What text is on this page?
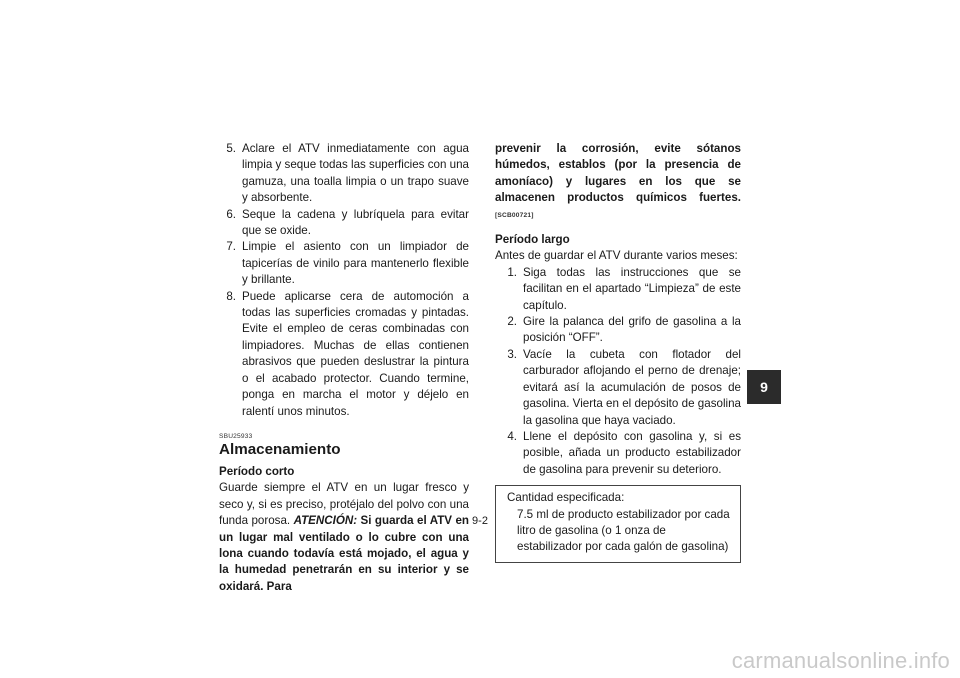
5. Aclare el ATV inmediatamente con agua limpia y seque todas las superficies con una gamuza, una toalla limpia o un trapo suave y absorbente.
6. Seque la cadena y lubríquela para evitar que se oxide.
7. Limpie el asiento con un limpiador de tapicerías de vinilo para mantenerlo flexible y brillante.
8. Puede aplicarse cera de automoción a todas las superficies cromadas y pintadas. Evite el empleo de ceras combinadas con limpiadores. Muchas de ellas contienen abrasivos que pueden deslustrar la pintura o el acabado protector. Cuando termine, ponga en marcha el motor y déjelo en ralentí unos minutos.
SBU25933
Almacenamiento
Período corto
Guarde siempre el ATV en un lugar fresco y seco y, si es preciso, protéjalo del polvo con una funda porosa. ATENCIÓN: Si guarda el ATV en un lugar mal ventilado o lo cubre con una lona cuando todavía está mojado, el agua y la humedad penetrarán en su interior y se oxidará. Para
prevenir la corrosión, evite sótanos húmedos, establos (por la presencia de amoníaco) y lugares en los que se almacenen productos químicos fuertes. [SCB00721]
Período largo
Antes de guardar el ATV durante varios meses:
1. Siga todas las instrucciones que se facilitan en el apartado “Limpieza” de este capítulo.
2. Gire la palanca del grifo de gasolina a la posición “OFF”.
3. Vacíe la cubeta con flotador del carburador aflojando el perno de drenaje; evitará así la acumulación de posos de gasolina. Vierta en el depósito de gasolina la gasolina que haya vaciado.
4. Llene el depósito con gasolina y, si es posible, añada un producto estabilizador de gasolina para prevenir su deterioro.
Cantidad especificada:
7.5 ml de producto estabilizador por cada litro de gasolina (o 1 onza de estabilizador por cada galón de gasolina)
9
9-2
carmanualsonline.info
